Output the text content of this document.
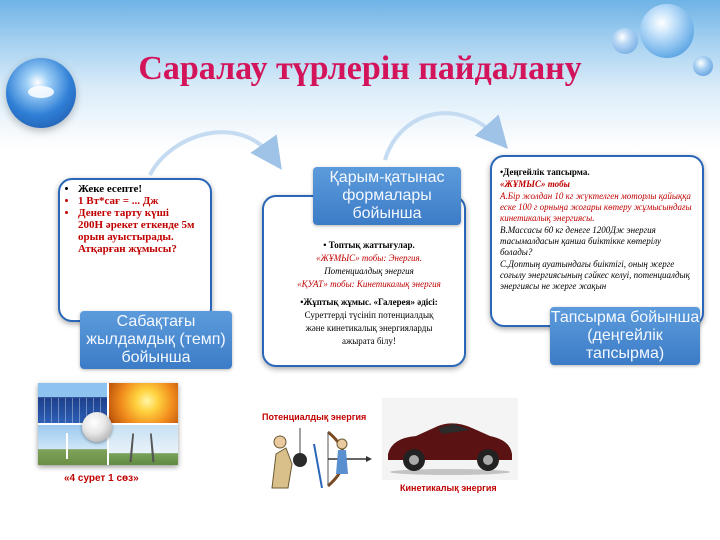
Саралау түрлерін пайдалану
• Жеке есепте!
• 1 Вт*сағ = ... Дж
• Денеге тарту күші 200Н әрекет еткенде 5м орын ауыстырады. Атқарған жұмысы?
Сабақтағы жылдамдық (темп) бойынша
Қарым-қатынас формалары бойынша

• Топтық жаттығулар.

«ЖҰМЫС» тобы: Энергия.

Потенциалдық энергия

«ҚУАТ» тобы: Кинетикалық энергия

•Жұптық жұмыс. «Галерея» әдісі:

Суреттерді түсініп потенциалдық

және кинетикалық энергияларды

ажырата білу!

•Деңгейлік тапсырма.

«ЖҰМЫС» тобы

А.Бір жолдан 10 кг жүктелген моторлы қайыққа еске 100 г орныңа жоғары көтеру жұмысындағы кинетикалық энергиясы.

В.Массасы 60 кг денеге 1200Дж энергия тасымалдасын қанша биіктікке көтерілу болады?

С.Доптың ауатындағы биіктігі, оның жерге соғылу энергиясының сәйкес келуі, потенциалдық энергиясы не жерге жақын

Тапсырма бойынша (деңгейлік тапсырма)
«4 сурет 1 сөз»
Потенциалдық энергия
Кинетикалық энергия
